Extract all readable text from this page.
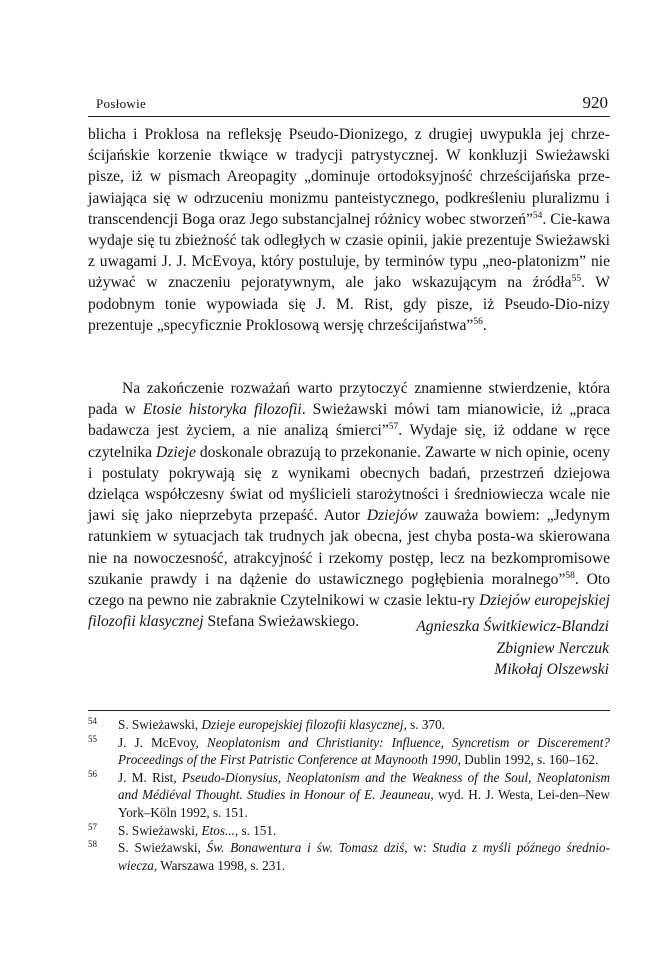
Posłowie	920

blicha i Proklosa na refleksję Pseudo-Dionizego, z drugiej uwypukla jej chrze-ścijańskie korzenie tkwiące w tradycji patrystycznej. W konkluzji Swieżawski pisze, iż w pismach Areopagity „dominuje ortodoksyjność chrześcijańska prze-jawiająca się w odrzuceniu monizmu panteistycznego, podkreśleniu pluralizmu i transcendencji Boga oraz Jego substancjalnej różnicy wobec stworzeń”$^{54}$. Cie-kawa wydaje się tu zbieżność tak odległych w czasie opinii, jakie prezentuje Swieżawski z uwagami J. J. McEvoya, który postuluje, by terminów typu „neo-platonizm” nie używać w znaczeniu pejoratywnym, ale jako wskazującym na źródła$^{55}$. W podobnym tonie wypowiada się J. M. Rist, gdy pisze, iż Pseudo-Dio-nizy prezentuje „specyficznie Proklosową wersję chrześcijaństwa”$^{56}$.

Na zakończenie rozważań warto przytoczyć znamienne stwierdzenie, która pada w Etosie historyka filozofii. Swieżawski mówi tam mianowicie, iż „praca badawcza jest życiem, a nie analizą śmierci”$^{57}$. Wydaje się, iż oddane w ręce czytelnika Dzieje doskonale obrazują to przekonanie. Zawarte w nich opinie, oceny i postulaty pokrywają się z wynikami obecnych badań, przestrzeń dziejowa dzieląca współczesny świat od myślicieli starożytności i średniowiecza wcale nie jawi się jako nieprzebyta przepaść. Autor Dziejów zauważa bowiem: „Jedynym ratunkiem w sytuacjach tak trudnych jak obecna, jest chyba posta-wa skierowana nie na nowoczesność, atrakcyjność i rzekomy postęp, lecz na bezkompromisowe szukanie prawdy i na dążenie do ustawicznego pogłębienia moralnego”$^{58}$. Oto czego na pewno nie zabraknie Czytelnikowi w czasie lektu-ry Dziejów europejskiej filozofii klasycznej Stefana Swieżawskiego.	Agnieszka Świtkiewicz-Blandzi
Zbigniew Nerczuk
Mikołaj Olszewski

54 S. Swieżawski, Dzieje europejskiej filozofii klasycznej, s. 370.

55 J. J. McEvoy, Neoplatonism and Christianity: Influence, Syncretism or Discerement? Proceedings of the First Patristic Conference at Maynooth 1990, Dublin 1992, s. 160–162.

56 J. M. Rist, Pseudo-Dionysius, Neoplatonism and the Weakness of the Soul, Neoplatonism and Médiéval Thought. Studies in Honour of E. Jeauneau, wyd. H. J. Westa, Lei-den–New York–Köln 1992, s. 151.

57 S. Swieżawski, Etos..., s. 151.

58 S. Swieżawski, Św. Bonawentura i św. Tomasz dziś, w: Studia z myśli późnego średnio-wiecza, Warszawa 1998, s. 231.
